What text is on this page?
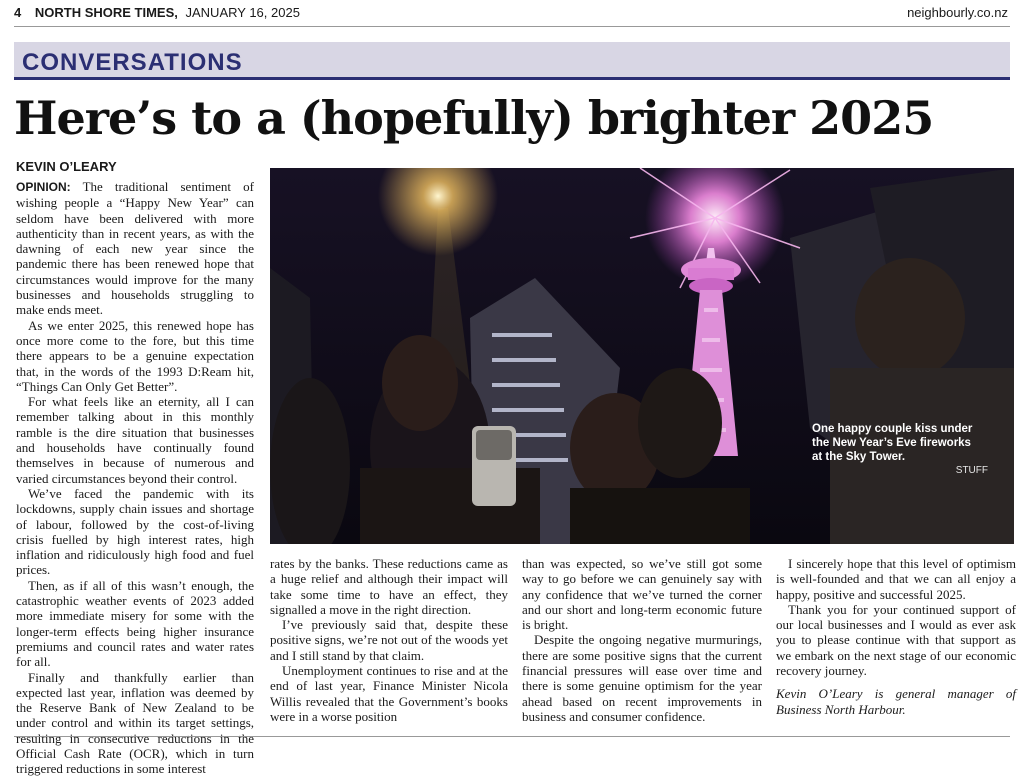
4 NORTH SHORE TIMES, JANUARY 16, 2025	neighbourly.co.nz
CONVERSATIONS
Here’s to a (hopefully) brighter 2025
KEVIN O’LEARY

OPINION: The traditional sentiment of wishing people a “Happy New Year” can seldom have been delivered with more authenticity than in recent years, as with the dawning of each new year since the pandemic there has been renewed hope that circumstances would improve for the many businesses and households struggling to make ends meet.

As we enter 2025, this renewed hope has once more come to the fore, but this time there appears to be a genuine expectation that, in the words of the 1993 D:Ream hit, “Things Can Only Get Better”.

For what feels like an eternity, all I can remember talking about in this monthly ramble is the dire situation that businesses and households have continually found themselves in because of numerous and varied circumstances beyond their control.

We’ve faced the pandemic with its lockdowns, supply chain issues and shortage of labour, followed by the cost-of-living crisis fuelled by high interest rates, high inflation and ridiculously high food and fuel prices.

Then, as if all of this wasn’t enough, the catastrophic weather events of 2023 added more immediate misery for some with the longer-term effects being higher insurance premiums and council rates and water rates for all.

Finally and thankfully earlier than expected last year, inflation was deemed by the Reserve Bank of New Zealand to be under control and within its target settings, resulting in consecutive reductions in the Official Cash Rate (OCR), which in turn triggered reductions in some interest

One happy couple kiss under the New Year’s Eve fireworks at the Sky Tower.
STUFF

rates by the banks. These reductions came as a huge relief and although their impact will take some time to have an effect, they signalled a move in the right direction.

I’ve previously said that, despite these positive signs, we’re not out of the woods yet and I still stand by that claim.

Unemployment continues to rise and at the end of last year, Finance Minister Nicola Willis revealed that the Government’s books were in a worse position

than was expected, so we’ve still got some way to go before we can genuinely say with any confidence that we’ve turned the corner and our short and long-term economic future is bright.

Despite the ongoing negative murmurings, there are some positive signs that the current financial pressures will ease over time and there is some genuine optimism for the year ahead based on recent improvements in business and consumer confidence.

I sincerely hope that this level of optimism is well-founded and that we can all enjoy a happy, positive and successful 2025.

Thank you for your continued support of our local businesses and I would as ever ask you to please continue with that support as we embark on the next stage of our economic recovery journey.

Kevin O’Leary is general manager of Business North Harbour.
